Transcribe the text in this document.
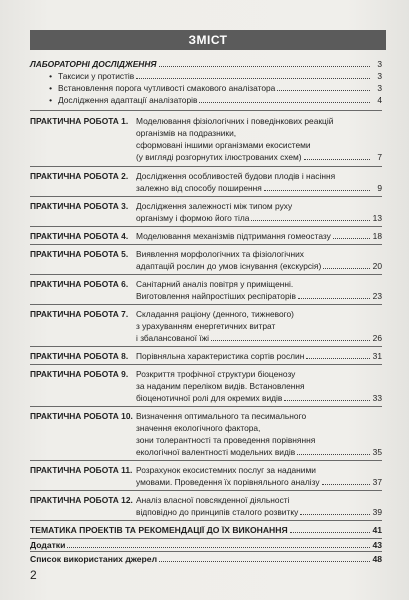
ЗМІСТ
ЛАБОРАТОРНІ ДОСЛІДЖЕННЯ	3
• Таксиси у протистів	3
• Встановлення порога чутливості смакового аналізатора	3
• Дослідження адаптації аналізаторів	4
ПРАКТИЧНА РОБОТА 1. Моделювання фізіологічних і поведінкових реакцій
організмів на подразники,
сформовані іншими організмами екосистеми
(у вигляді розгорнутих ілюстрованих схем)	7
ПРАКТИЧНА РОБОТА 2. Дослідження особливостей будови плодів і насіння
залежно від способу поширення	9
ПРАКТИЧНА РОБОТА 3. Дослідження залежності між типом руху
організму і формою його тіла	13
ПРАКТИЧНА РОБОТА 4. Моделювання механізмів підтримання гомеостазу	18
ПРАКТИЧНА РОБОТА 5. Виявлення морфологічних та фізіологічних
адаптацій рослин до умов існування (екскурсія)	20
ПРАКТИЧНА РОБОТА 6. Санітарний аналіз повітря у приміщенні.
Виготовлення найпростіших респіраторів	23
ПРАКТИЧНА РОБОТА 7. Складання раціону (денного, тижневого)
з урахуванням енергетичних витрат
і збалансованої їжі	26
ПРАКТИЧНА РОБОТА 8. Порівняльна характеристика сортів рослин	31
ПРАКТИЧНА РОБОТА 9. Розкриття трофічної структури біоценозу
за наданим переліком видів. Встановлення
біоценотичної ролі для окремих видів	33
ПРАКТИЧНА РОБОТА 10. Визначення оптимального та песимального
значення екологічного фактора,
зони толерантності та проведення порівняння
екологічної валентності модельних видів	35
ПРАКТИЧНА РОБОТА 11. Розрахунок екосистемних послуг за наданими
умовами. Проведення їх порівняльного аналізу	37
ПРАКТИЧНА РОБОТА 12. Аналіз власної повсякденної діяльності
відповідно до принципів сталого розвитку	39
ТЕМАТИКА ПРОЕКТІВ ТА РЕКОМЕНДАЦІЇ ДО ЇХ ВИКОНАННЯ	41
Додатки	43
Список використаних джерел	48
2
